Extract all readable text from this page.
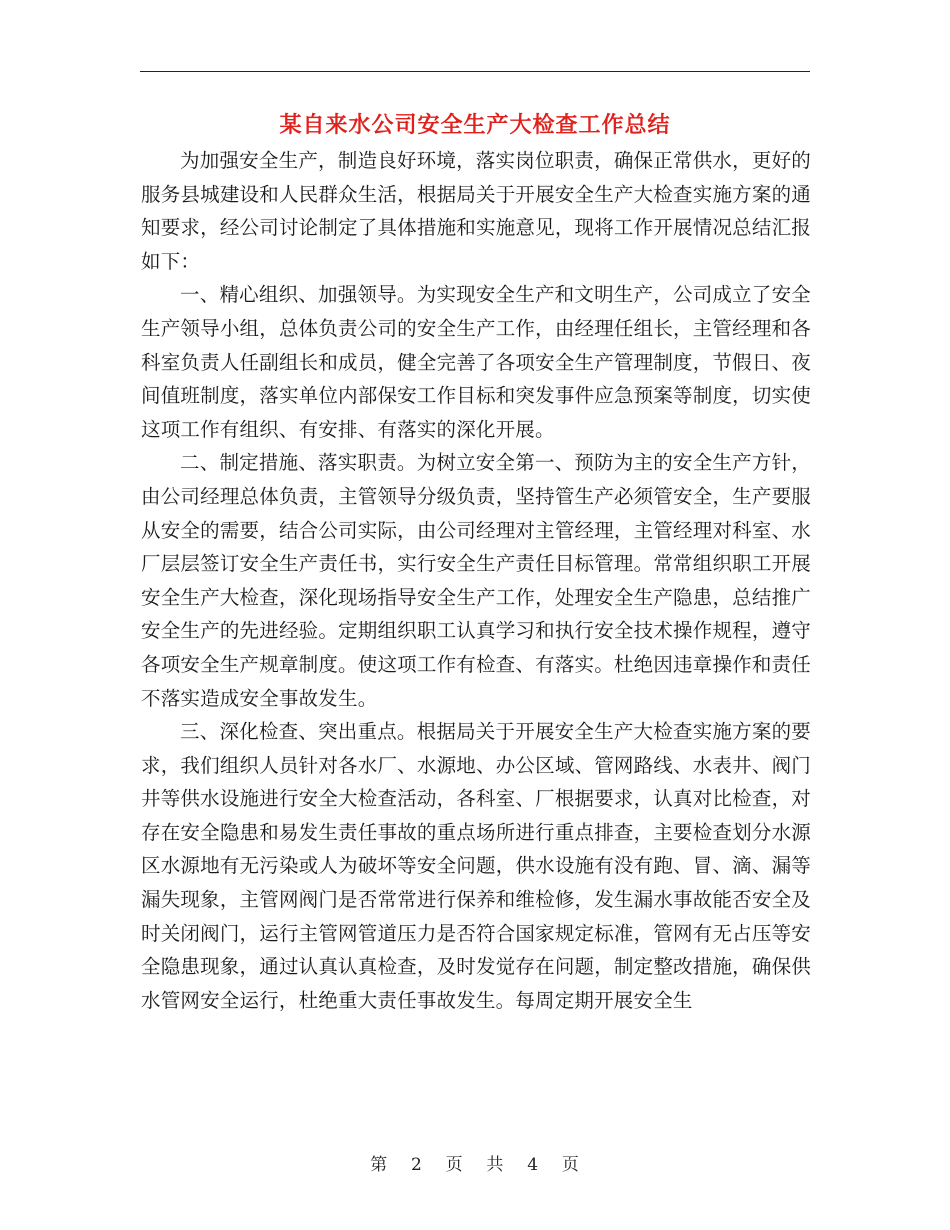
某自来水公司安全生产大检查工作总结

为加强安全生产，制造良好环境，落实岗位职责，确保正常供水，更好的服务县城建设和人民群众生活，根据局关于开展安全生产大检查实施方案的通知要求，经公司讨论制定了具体措施和实施意见，现将工作开展情况总结汇报如下：

一、精心组织、加强领导。为实现安全生产和文明生产，公司成立了安全生产领导小组，总体负责公司的安全生产工作，由经理任组长，主管经理和各科室负责人任副组长和成员，健全完善了各项安全生产管理制度，节假日、夜间值班制度，落实单位内部保安工作目标和突发事件应急预案等制度，切实使这项工作有组织、有安排、有落实的深化开展。

二、制定措施、落实职责。为树立安全第一、预防为主的安全生产方针，由公司经理总体负责，主管领导分级负责，坚持管生产必须管安全，生产要服从安全的需要，结合公司实际，由公司经理对主管经理，主管经理对科室、水厂层层签订安全生产责任书，实行安全生产责任目标管理。常常组织职工开展安全生产大检查，深化现场指导安全生产工作，处理安全生产隐患，总结推广安全生产的先进经验。定期组织职工认真学习和执行安全技术操作规程，遵守各项安全生产规章制度。使这项工作有检查、有落实。杜绝因违章操作和责任不落实造成安全事故发生。

三、深化检查、突出重点。根据局关于开展安全生产大检查实施方案的要求，我们组织人员针对各水厂、水源地、办公区域、管网路线、水表井、阀门井等供水设施进行安全大检查活动，各科室、厂根据要求，认真对比检查，对存在安全隐患和易发生责任事故的重点场所进行重点排查，主要检查划分水源区水源地有无污染或人为破坏等安全问题，供水设施有没有跑、冒、滴、漏等漏失现象，主管网阀门是否常常进行保养和维检修，发生漏水事故能否安全及时关闭阀门，运行主管网管道压力是否符合国家规定标准，管网有无占压等安全隐患现象，通过认真认真检查，及时发觉存在问题，制定整改措施，确保供水管网安全运行，杜绝重大责任事故发生。每周定期开展安全生

第 2 页 共 4 页
